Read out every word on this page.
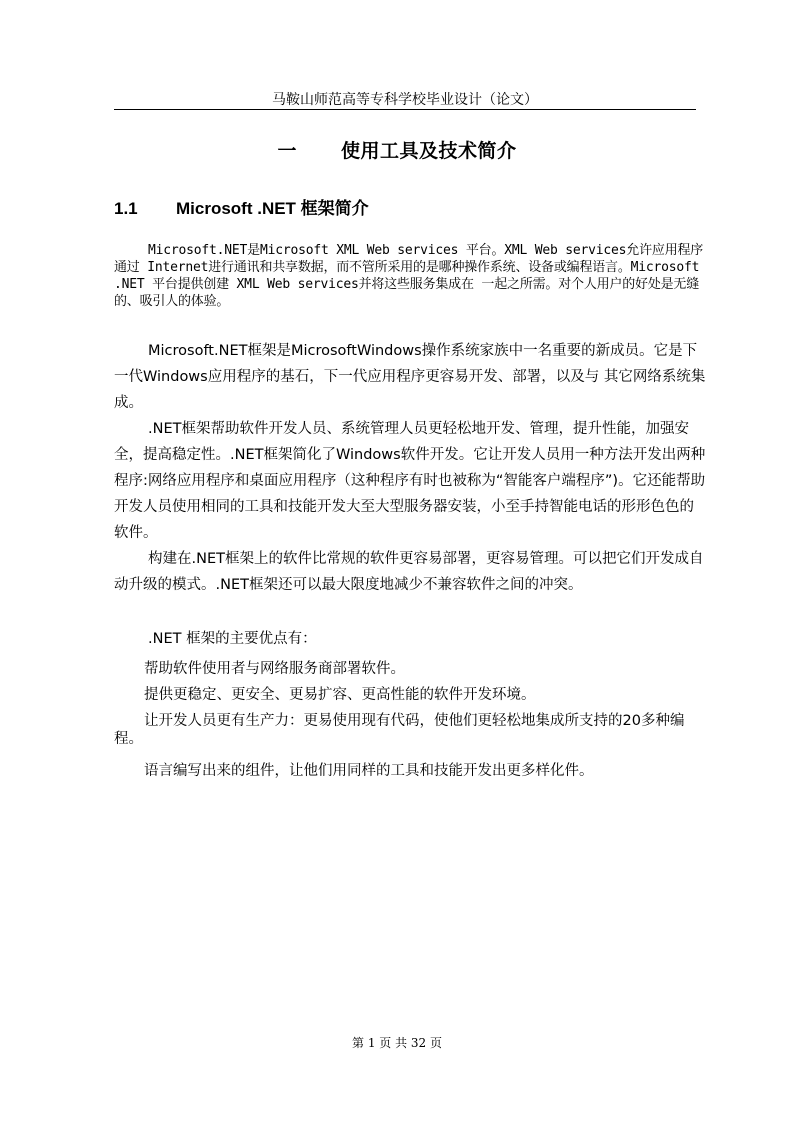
马鞍山师范高等专科学校毕业设计（论文）
一 使用工具及技术简介
1.1 Microsoft .NET 框架简介

Microsoft.NET是Microsoft XML Web services 平台。XML Web services允许应用程序通过 Internet进行通讯和共享数据，而不管所采用的是哪种操作系统、设备或编程语言。Microsoft .NET 平台提供创建 XML Web services并将这些服务集成在 一起之所需。对个人用户的好处是无缝的、吸引人的体验。

Microsoft.NET框架是MicrosoftWindows操作系统家族中一名重要的新成员。它是下一代Windows应用程序的基石，下一代应用程序更容易开发、部署，以及与 其它网络系统集成。

.NET框架帮助软件开发人员、系统管理人员更轻松地开发、管理，提升性能，加强安全，提高稳定性。.NET框架简化了Windows软件开发。它让开发人员用一种方法开发出两种程序:网络应用程序和桌面应用程序（这种程序有时也被称为“智能客户端程序”)。它还能帮助开发人员使用相同的工具和技能开发大至大型服务器安装，小至手持智能电话的形形色色的软件。

构建在.NET框架上的软件比常规的软件更容易部署，更容易管理。可以把它们开发成自动升级的模式。.NET框架还可以最大限度地减少不兼容软件之间的冲突。

.NET 框架的主要优点有：

帮助软件使用者与网络服务商部署软件。

提供更稳定、更安全、更易扩容、更高性能的软件开发环境。

让开发人员更有生产力：更易使用现有代码，使他们更轻松地集成所支持的20多种编程。

语言编写出来的组件，让他们用同样的工具和技能开发出更多样化件。

第 1 页 共 32 页
